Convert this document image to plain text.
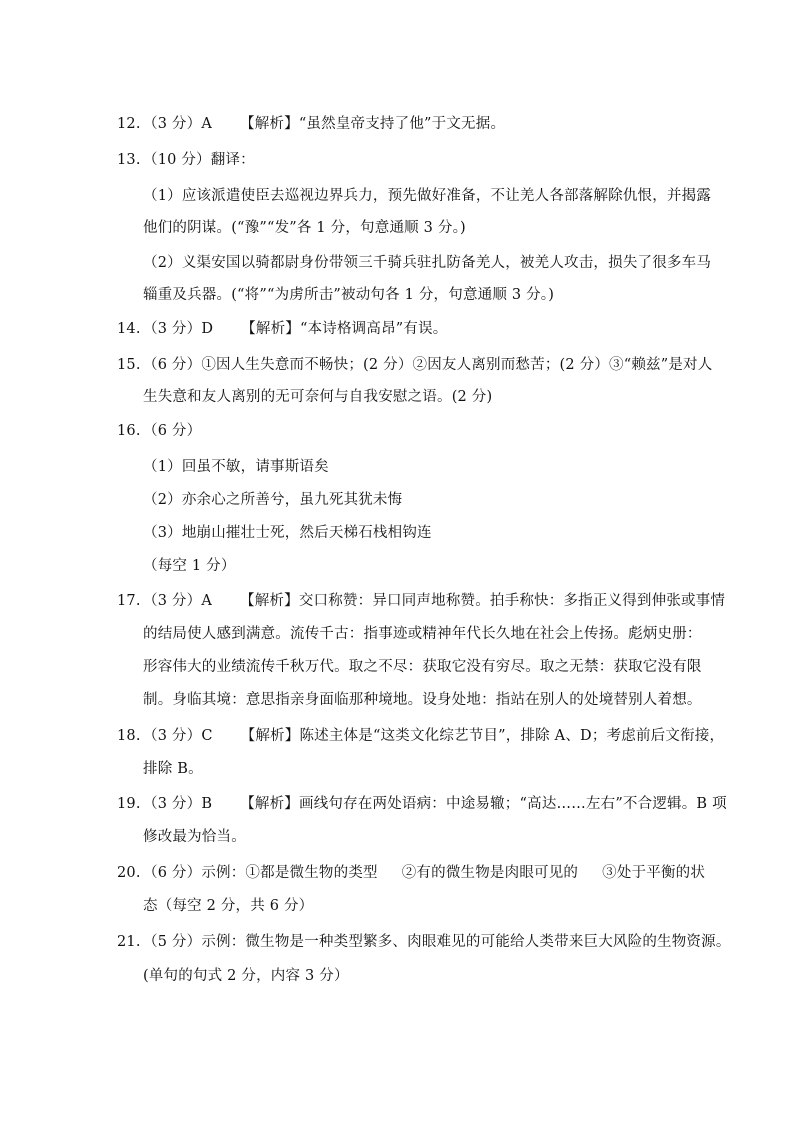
12. （3 分）A 【解析】“虽然皇帝支持了他”于文无据。
13. （10 分）翻译：
（1）应该派遣使臣去巡视边界兵力，预先做好准备，不让羌人各部落解除仇恨，并揭露
他们的阴谋。(“豫”“发”各 1 分，句意通顺 3 分。)
（2）义渠安国以骑都尉身份带领三千骑兵驻扎防备羌人，被羌人攻击，损失了很多车马
辎重及兵器。(“将”“为虏所击”被动句各 1 分，句意通顺 3 分。)
14. （3 分）D 【解析】“本诗格调高昂”有误。
15. （6 分）①因人生失意而不畅快；(2 分）②因友人离别而愁苦；(2 分）③“赖兹”是对人
生失意和友人离别的无可奈何与自我安慰之语。(2 分)
16. （6 分）
（1）回虽不敏，请事斯语矣
（2）亦余心之所善兮，虽九死其犹未悔
（3）地崩山摧壮士死，然后天梯石栈相钩连
（每空 1 分）
17. （3 分）A 【解析】交口称赞：异口同声地称赞。拍手称快：多指正义得到伸张或事情
的结局使人感到满意。流传千古：指事迹或精神年代长久地在社会上传扬。彪炳史册：
形容伟大的业绩流传千秋万代。取之不尽：获取它没有穷尽。取之无禁：获取它没有限
制。身临其境：意思指亲身面临那种境地。设身处地：指站在别人的处境替别人着想。
18. （3 分）C 【解析】陈述主体是“这类文化综艺节目”，排除 A、D；考虑前后文衔接，
排除 B。
19. （3 分）B 【解析】画线句存在两处语病：中途易辙；“高达……左右”不合逻辑。B 项
修改最为恰当。
20. （6 分）示例：①都是微生物的类型 ②有的微生物是肉眼可见的 ③处于平衡的状
态（每空 2 分，共 6 分）
21. （5 分）示例：微生物是一种类型繁多、肉眼难见的可能给人类带来巨大风险的生物资源。
(单句的句式 2 分，内容 3 分）
